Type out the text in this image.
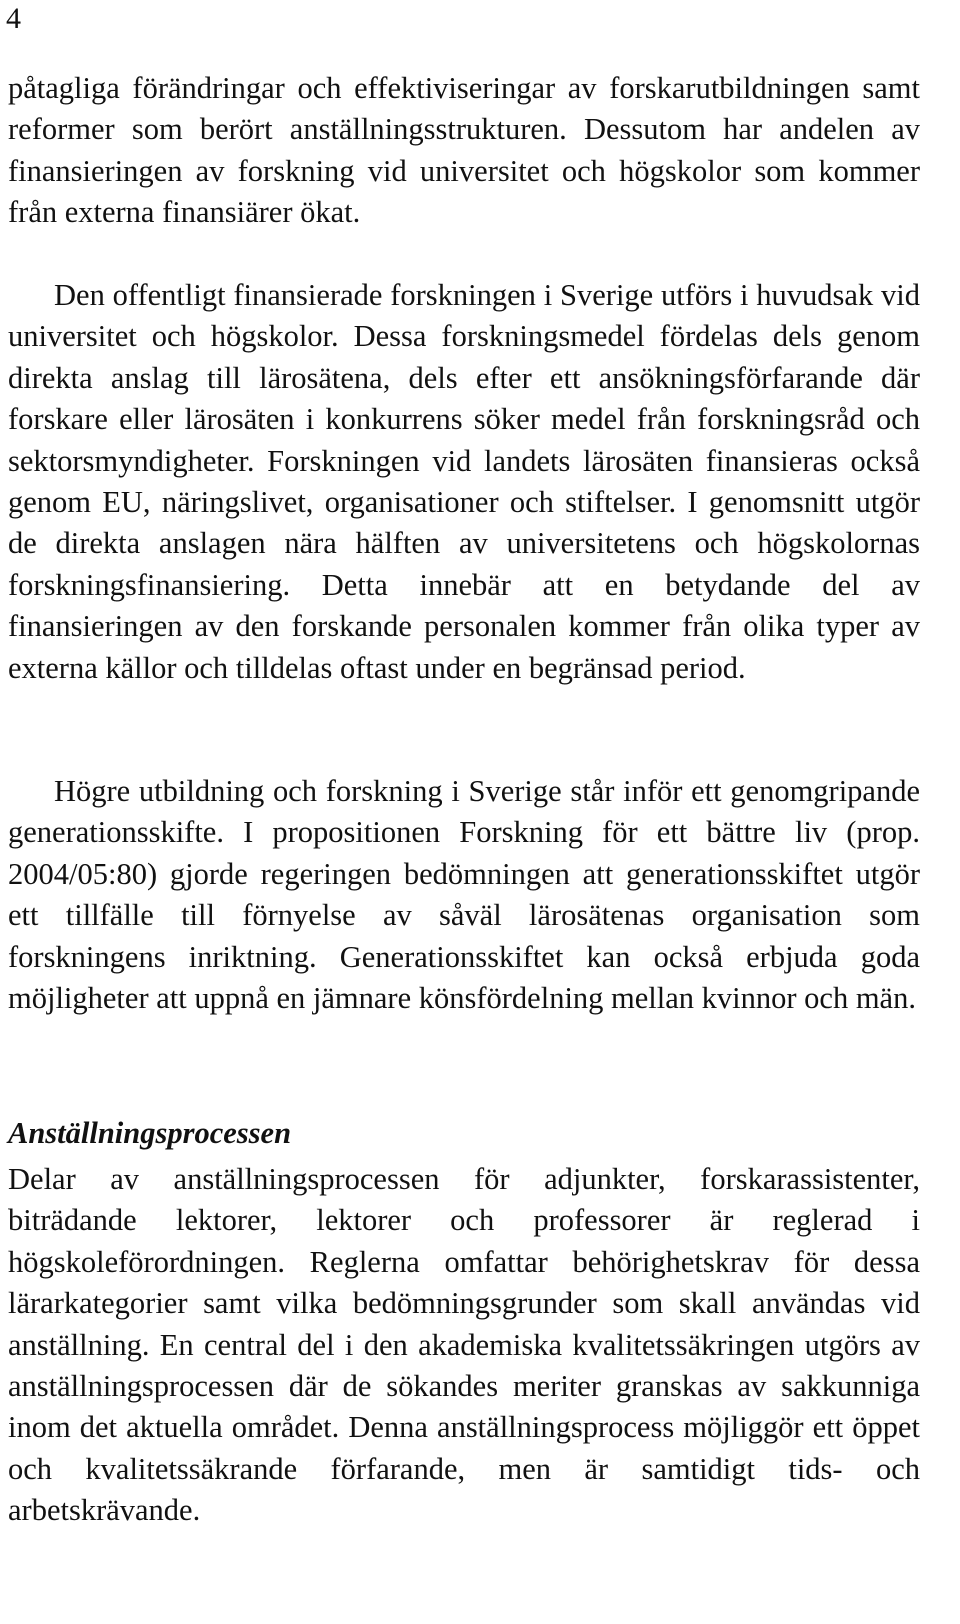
4

påtagliga förändringar och effektiviseringar av forskarutbildningen samt reformer som berört anställningsstrukturen. Dessutom har andelen av finansieringen av forskning vid universitet och högskolor som kommer från externa finansiärer ökat.

Den offentligt finansierade forskningen i Sverige utförs i huvudsak vid universitet och högskolor. Dessa forskningsmedel fördelas dels genom direkta anslag till lärosätena, dels efter ett ansökningsförfarande där forskare eller lärosäten i konkurrens söker medel från forskningsråd och sektorsmyndigheter. Forskningen vid landets lärosäten finansieras också genom EU, näringslivet, organisationer och stiftelser. I genomsnitt utgör de direkta anslagen nära hälften av universitetens och högskolornas forskningsfinansiering. Detta innebär att en betydande del av finansieringen av den forskande personalen kommer från olika typer av externa källor och tilldelas oftast under en begränsad period.

Högre utbildning och forskning i Sverige står inför ett genomgripande generationsskifte. I propositionen Forskning för ett bättre liv (prop. 2004/05:80) gjorde regeringen bedömningen att generationsskiftet utgör ett tillfälle till förnyelse av såväl lärosätenas organisation som forskningens inriktning. Generationsskiftet kan också erbjuda goda möjligheter att uppnå en jämnare könsfördelning mellan kvinnor och män.

Anställningsprocessen

Delar av anställningsprocessen för adjunkter, forskarassistenter, biträdande lektorer, lektorer och professorer är reglerad i högskoleförordningen. Reglerna omfattar behörighetskrav för dessa lärarkategorier samt vilka bedömningsgrunder som skall användas vid anställning. En central del i den akademiska kvalitetssäkringen utgörs av anställningsprocessen där de sökandes meriter granskas av sakkunniga inom det aktuella området. Denna anställningsprocess möjliggör ett öppet och kvalitetssäkrande förfarande, men är samtidigt tids- och arbetskrävande.
